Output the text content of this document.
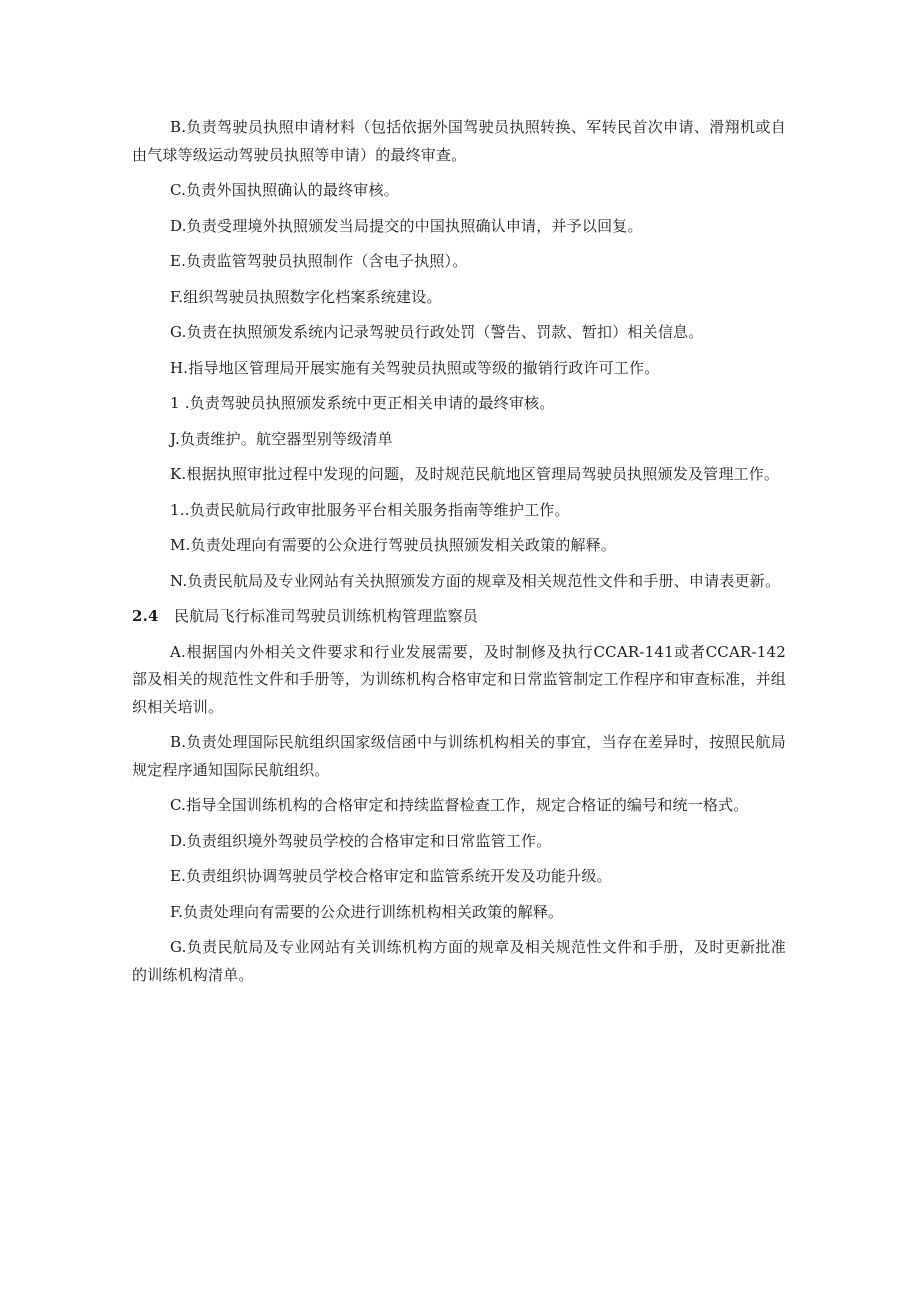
B.负责驾驶员执照申请材料（包括依据外国驾驶员执照转换、军转民首次申请、滑翔机或自由气球等级运动驾驶员执照等申请）的最终审查。

C.负责外国执照确认的最终审核。

D.负责受理境外执照颁发当局提交的中国执照确认申请，并予以回复。

E.负责监管驾驶员执照制作（含电子执照）。

F.组织驾驶员执照数字化档案系统建设。

G.负责在执照颁发系统内记录驾驶员行政处罚（警告、罚款、暂扣）相关信息。

H.指导地区管理局开展实施有关驾驶员执照或等级的撤销行政许可工作。

1 .负责驾驶员执照颁发系统中更正相关申请的最终审核。

J.负责维护。航空器型别等级清单

K.根据执照审批过程中发现的问题，及时规范民航地区管理局驾驶员执照颁发及管理工作。

1..负责民航局行政审批服务平台相关服务指南等维护工作。

M.负责处理向有需要的公众进行驾驶员执照颁发相关政策的解释。

N.负责民航局及专业网站有关执照颁发方面的规章及相关规范性文件和手册、申请表更新。

2.4 民航局飞行标准司驾驶员训练机构管理监察员

A.根据国内外相关文件要求和行业发展需要，及时制修及执行CCAR-141或者CCAR-142部及相关的规范性文件和手册等，为训练机构合格审定和日常监管制定工作程序和审查标准，并组织相关培训。

B.负责处理国际民航组织国家级信函中与训练机构相关的事宜，当存在差异时，按照民航局规定程序通知国际民航组织。

C.指导全国训练机构的合格审定和持续监督检查工作，规定合格证的编号和统一格式。

D.负责组织境外驾驶员学校的合格审定和日常监管工作。

E.负责组织协调驾驶员学校合格审定和监管系统开发及功能升级。

F.负责处理向有需要的公众进行训练机构相关政策的解释。

G.负责民航局及专业网站有关训练机构方面的规章及相关规范性文件和手册，及时更新批准的训练机构清单。
